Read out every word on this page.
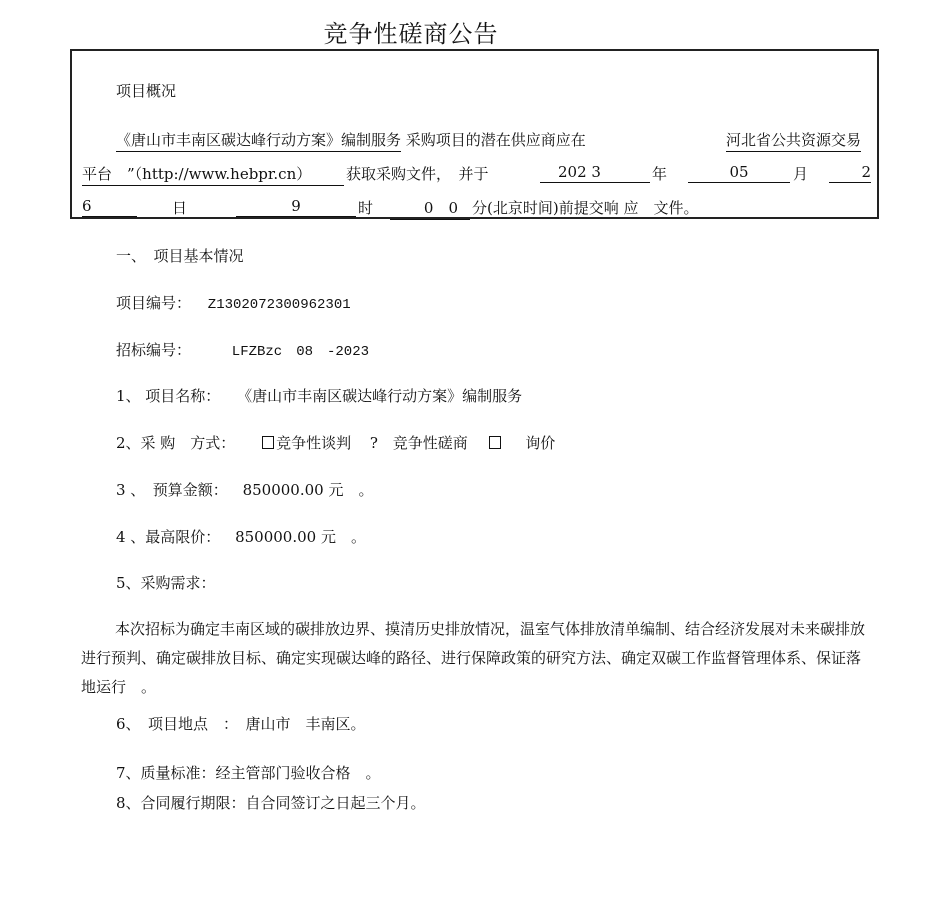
竞争性磋商公告
项目概况
《唐山市丰南区碳达峰行动方案》编制服务 采购项目的潜在供应商应在	河北省公共资源交易
平台　”（http://www.hebpr.cn）	获取采购文件，　并于	202 3	年	05	月	2
6	日	9	时	0　0 分(北京时间)前提交响 应　文件。
一、　项目基本情况
项目编号： Z1302072300962301
招标编号：	LFZBzc　08　-2023
1、 项目名称： 《唐山市丰南区碳达峰行动方案》编制服务
2、采 购　方式：	竞争性谈判 ? 竞争性磋商	询价
3 、　预算金额： 850000.00 元　。
4 、最高限价： 850000.00 元　。
5、采购需求：
本次招标为确定丰南区域的碳排放边界、摸清历史排放情况，温室气体排放清单编制、结合经济发展对未来碳排放进行预判、确定碳排放目标、确定实现碳达峰的路径、进行保障政策的研究方法、确定双碳工作监督管理体系、保证落地运行　。
6、　项目地点　：　唐山市　丰南区。
7、质量标准：经主管部门验收合格　。
8、合同履行期限：自合同签订之日起三个月。
